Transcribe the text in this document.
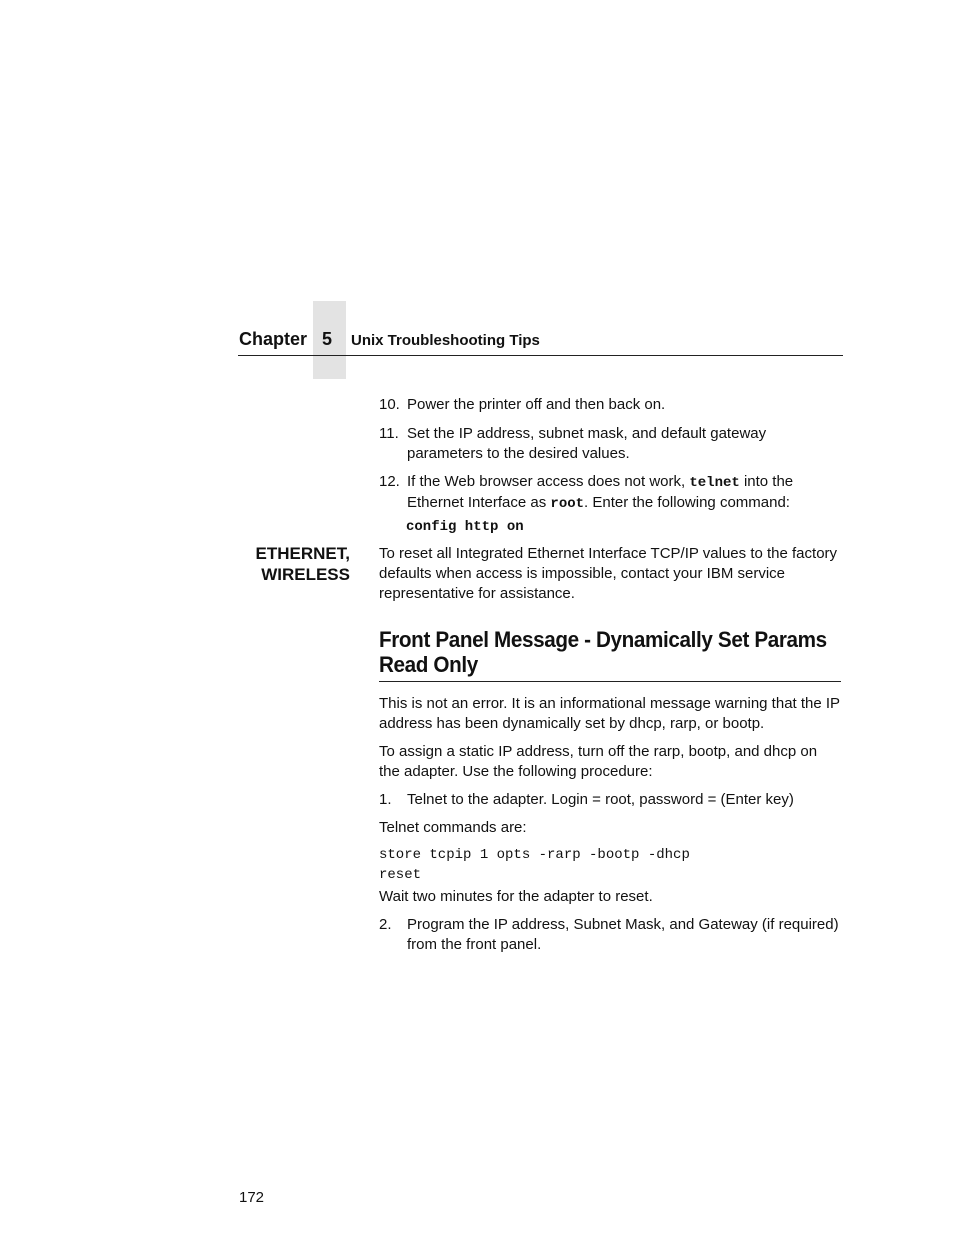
Chapter 5 Unix Troubleshooting Tips
10. Power the printer off and then back on.
11. Set the IP address, subnet mask, and default gateway parameters to the desired values.
12. If the Web browser access does not work, telnet into the Ethernet Interface as root. Enter the following command:
config http on
ETHERNET,
WIRELESS
To reset all Integrated Ethernet Interface TCP/IP values to the factory defaults when access is impossible, contact your IBM service representative for assistance.
Front Panel Message - Dynamically Set Params
Read Only
This is not an error. It is an informational message warning that the IP address has been dynamically set by dhcp, rarp, or bootp.
To assign a static IP address, turn off the rarp, bootp, and dhcp on the adapter. Use the following procedure:
1. Telnet to the adapter. Login = root, password = (Enter key)
Telnet commands are:
store tcpip 1 opts -rarp -bootp -dhcp
reset
Wait two minutes for the adapter to reset.
2. Program the IP address, Subnet Mask, and Gateway (if required) from the front panel.
172
